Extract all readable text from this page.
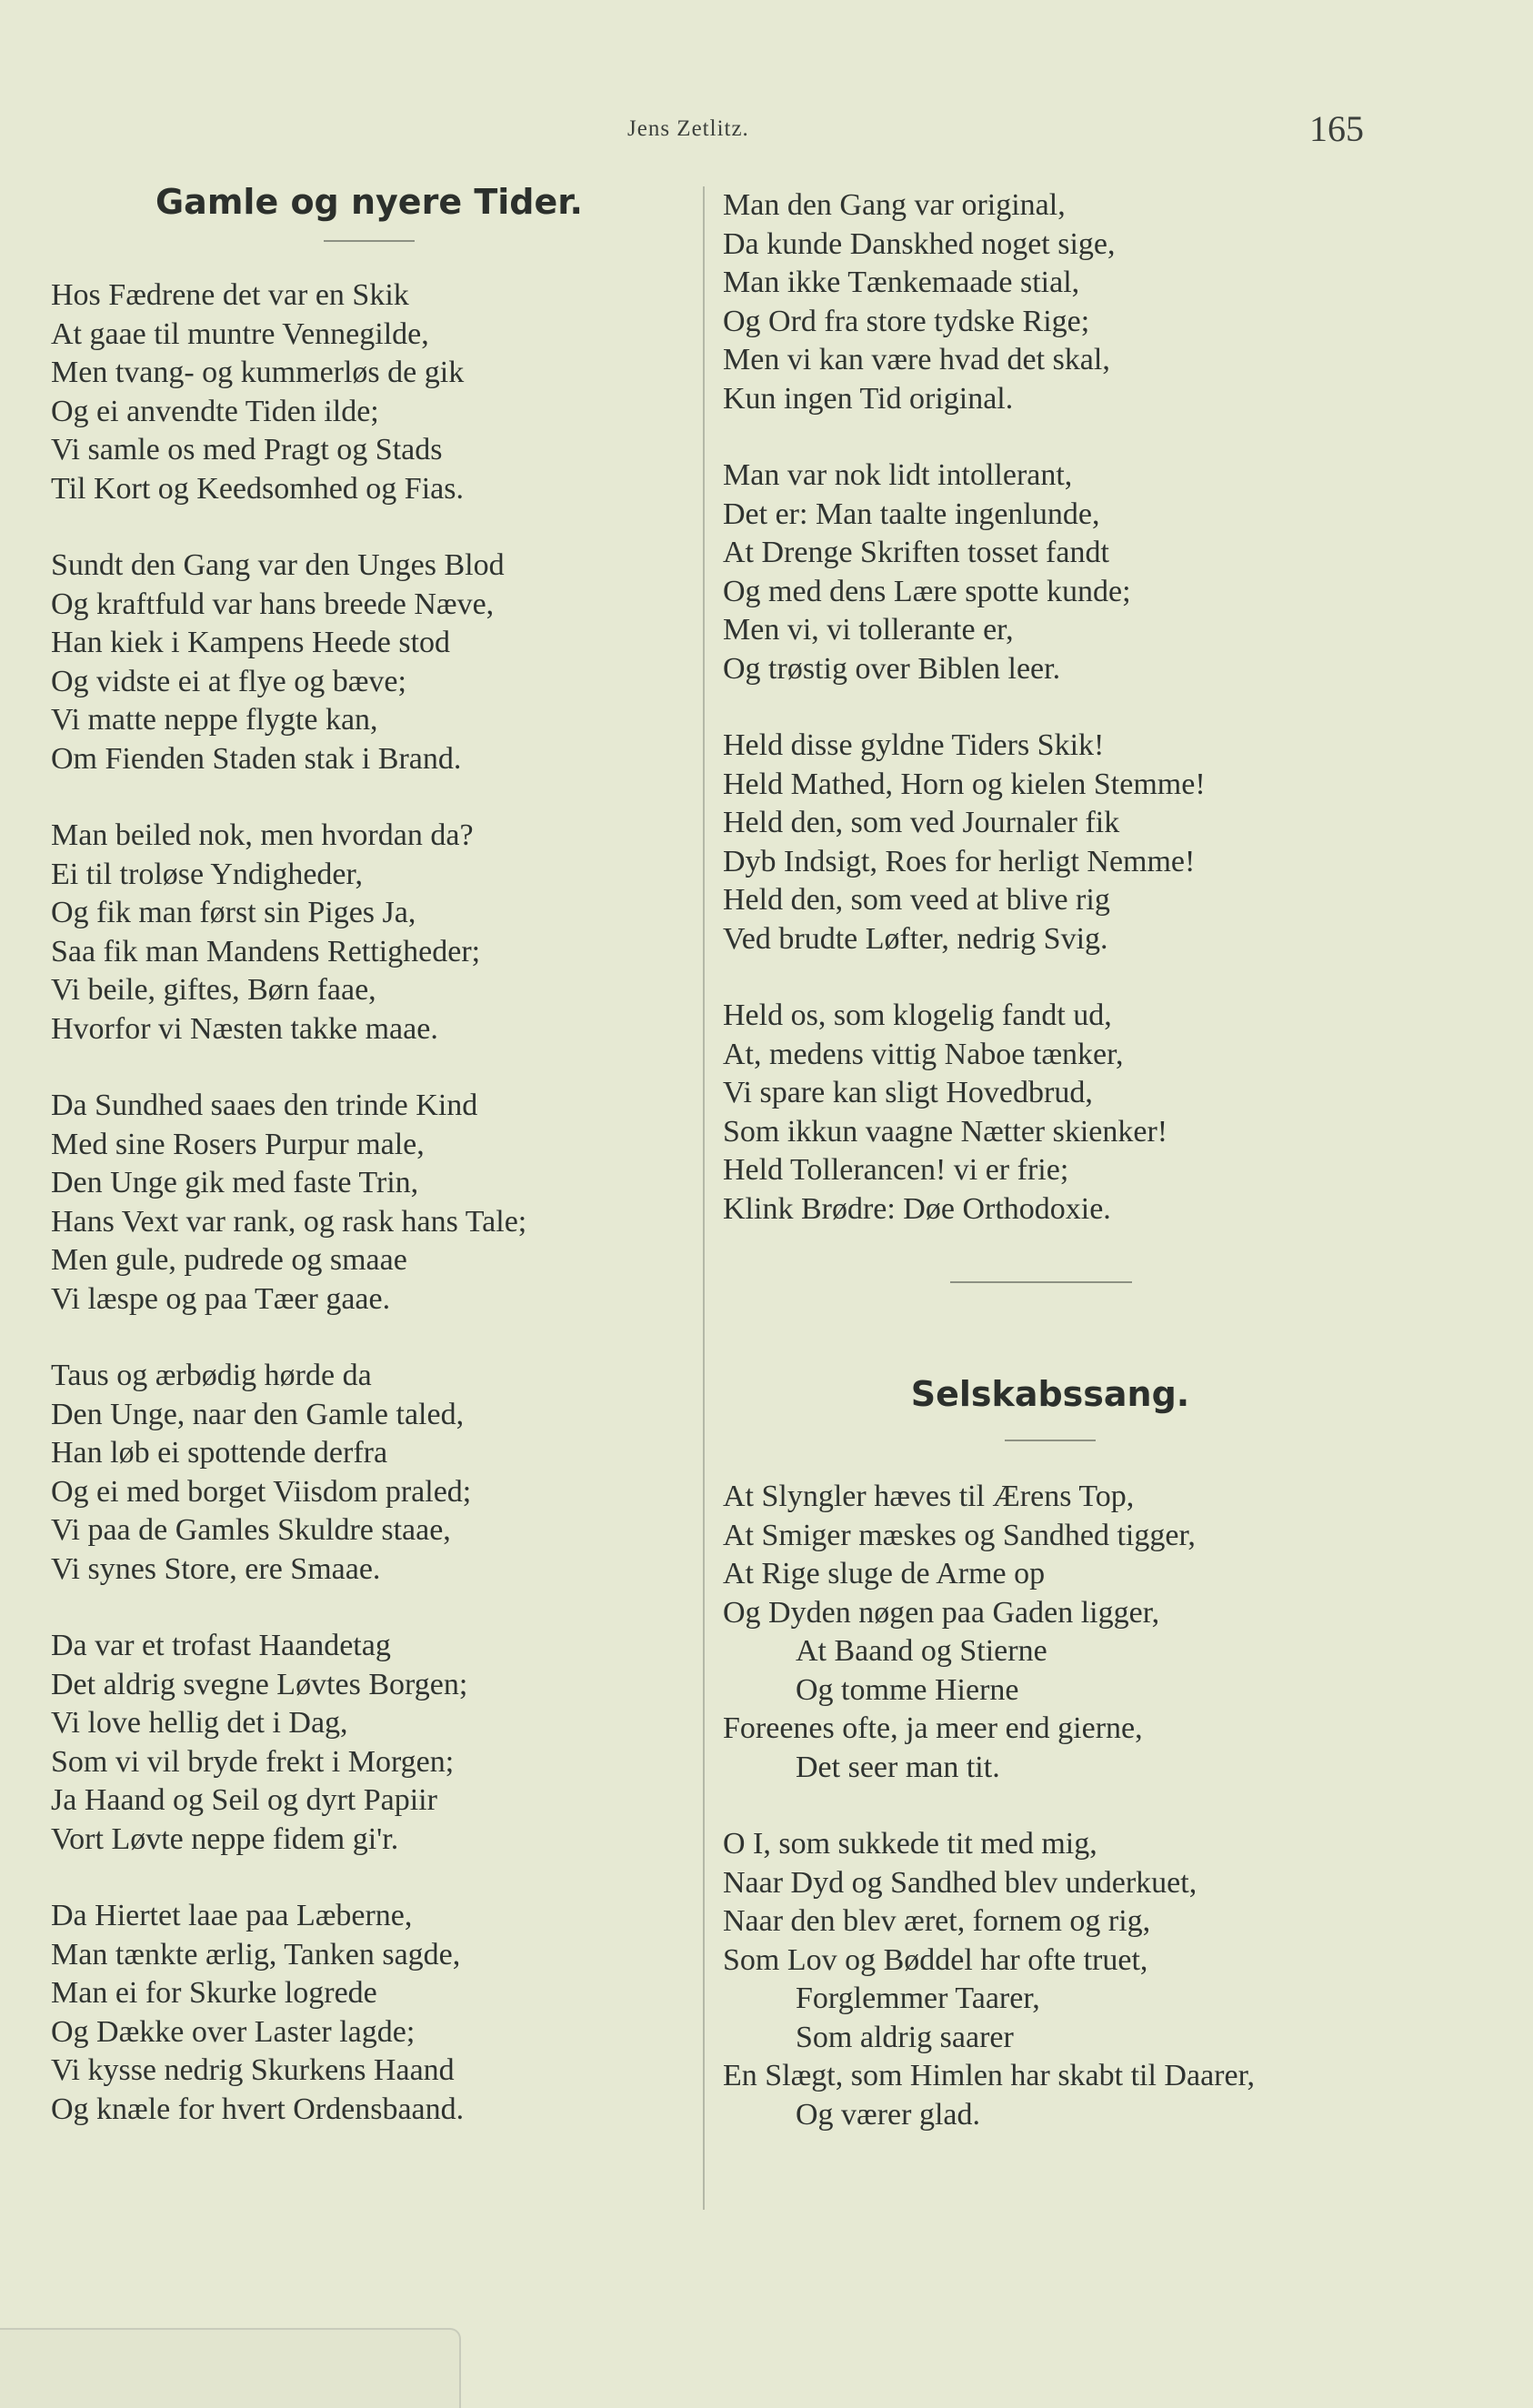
Jens Zetlitz.	165
Gamle og nyere Tider.
Hos Fædrene det var en Skik
At gaae til muntre Vennegilde,
Men tvang- og kummerløs de gik
Og ei anvendte Tiden ilde;
Vi samle os med Pragt og Stads
Til Kort og Keedsomhed og Fias.
Sundt den Gang var den Unges Blod
Og kraftfuld var hans breede Næve,
Han kiek i Kampens Heede stod
Og vidste ei at flye og bæve;
Vi matte neppe flygte kan,
Om Fienden Staden stak i Brand.
Man beiled nok, men hvordan da?
Ei til troløse Yndigheder,
Og fik man først sin Piges Ja,
Saa fik man Mandens Rettigheder;
Vi beile, giftes, Børn faae,
Hvorfor vi Næsten takke maae.
Da Sundhed saaes den trinde Kind
Med sine Rosers Purpur male,
Den Unge gik med faste Trin,
Hans Vext var rank, og rask hans Tale;
Men gule, pudrede og smaae
Vi læspe og paa Tæer gaae.
Taus og ærbødig hørde da
Den Unge, naar den Gamle taled,
Han løb ei spottende derfra
Og ei med borget Viisdom praled;
Vi paa de Gamles Skuldre staae,
Vi synes Store, ere Smaae.
Da var et trofast Haandetag
Det aldrig svegne Løvtes Borgen;
Vi love hellig det i Dag,
Som vi vil bryde frekt i Morgen;
Ja Haand og Seil og dyrt Papiir
Vort Løvte neppe fidem gi'r.
Da Hiertet laae paa Læberne,
Man tænkte ærlig, Tanken sagde,
Man ei for Skurke logrede
Og Dække over Laster lagde;
Vi kysse nedrig Skurkens Haand
Og knæle for hvert Ordensbaand.
Man den Gang var original,
Da kunde Danskhed noget sige,
Man ikke Tænkemaade stial,
Og Ord fra store tydske Rige;
Men vi kan være hvad det skal,
Kun ingen Tid original.
Man var nok lidt intollerant,
Det er: Man taalte ingenlunde,
At Drenge Skriften tosset fandt
Og med dens Lære spotte kunde;
Men vi, vi tollerante er,
Og trøstig over Biblen leer.
Held disse gyldne Tiders Skik!
Held Mathed, Horn og kielen Stemme!
Held den, som ved Journaler fik
Dyb Indsigt, Roes for herligt Nemme!
Held den, som veed at blive rig
Ved brudte Løfter, nedrig Svig.
Held os, som klogelig fandt ud,
At, medens vittig Naboe tænker,
Vi spare kan sligt Hovedbrud,
Som ikkun vaagne Nætter skienker!
Held Tollerancen! vi er frie;
Klink Brødre: Døe Orthodoxie.
Selskabssang.
At Slyngler hæves til Ærens Top,
At Smiger mæskes og Sandhed tigger,
At Rige sluge de Arme op
Og Dyden nøgen paa Gaden ligger,
At Baand og Stierne
Og tomme Hierne
Foreenes ofte, ja meer end gierne,
Det seer man tit.
O I, som sukkede tit med mig,
Naar Dyd og Sandhed blev underkuet,
Naar den blev æret, fornem og rig,
Som Lov og Bøddel har ofte truet,
Forglemmer Taarer,
Som aldrig saarer
En Slægt, som Himlen har skabt til Daarer,
Og værer glad.
